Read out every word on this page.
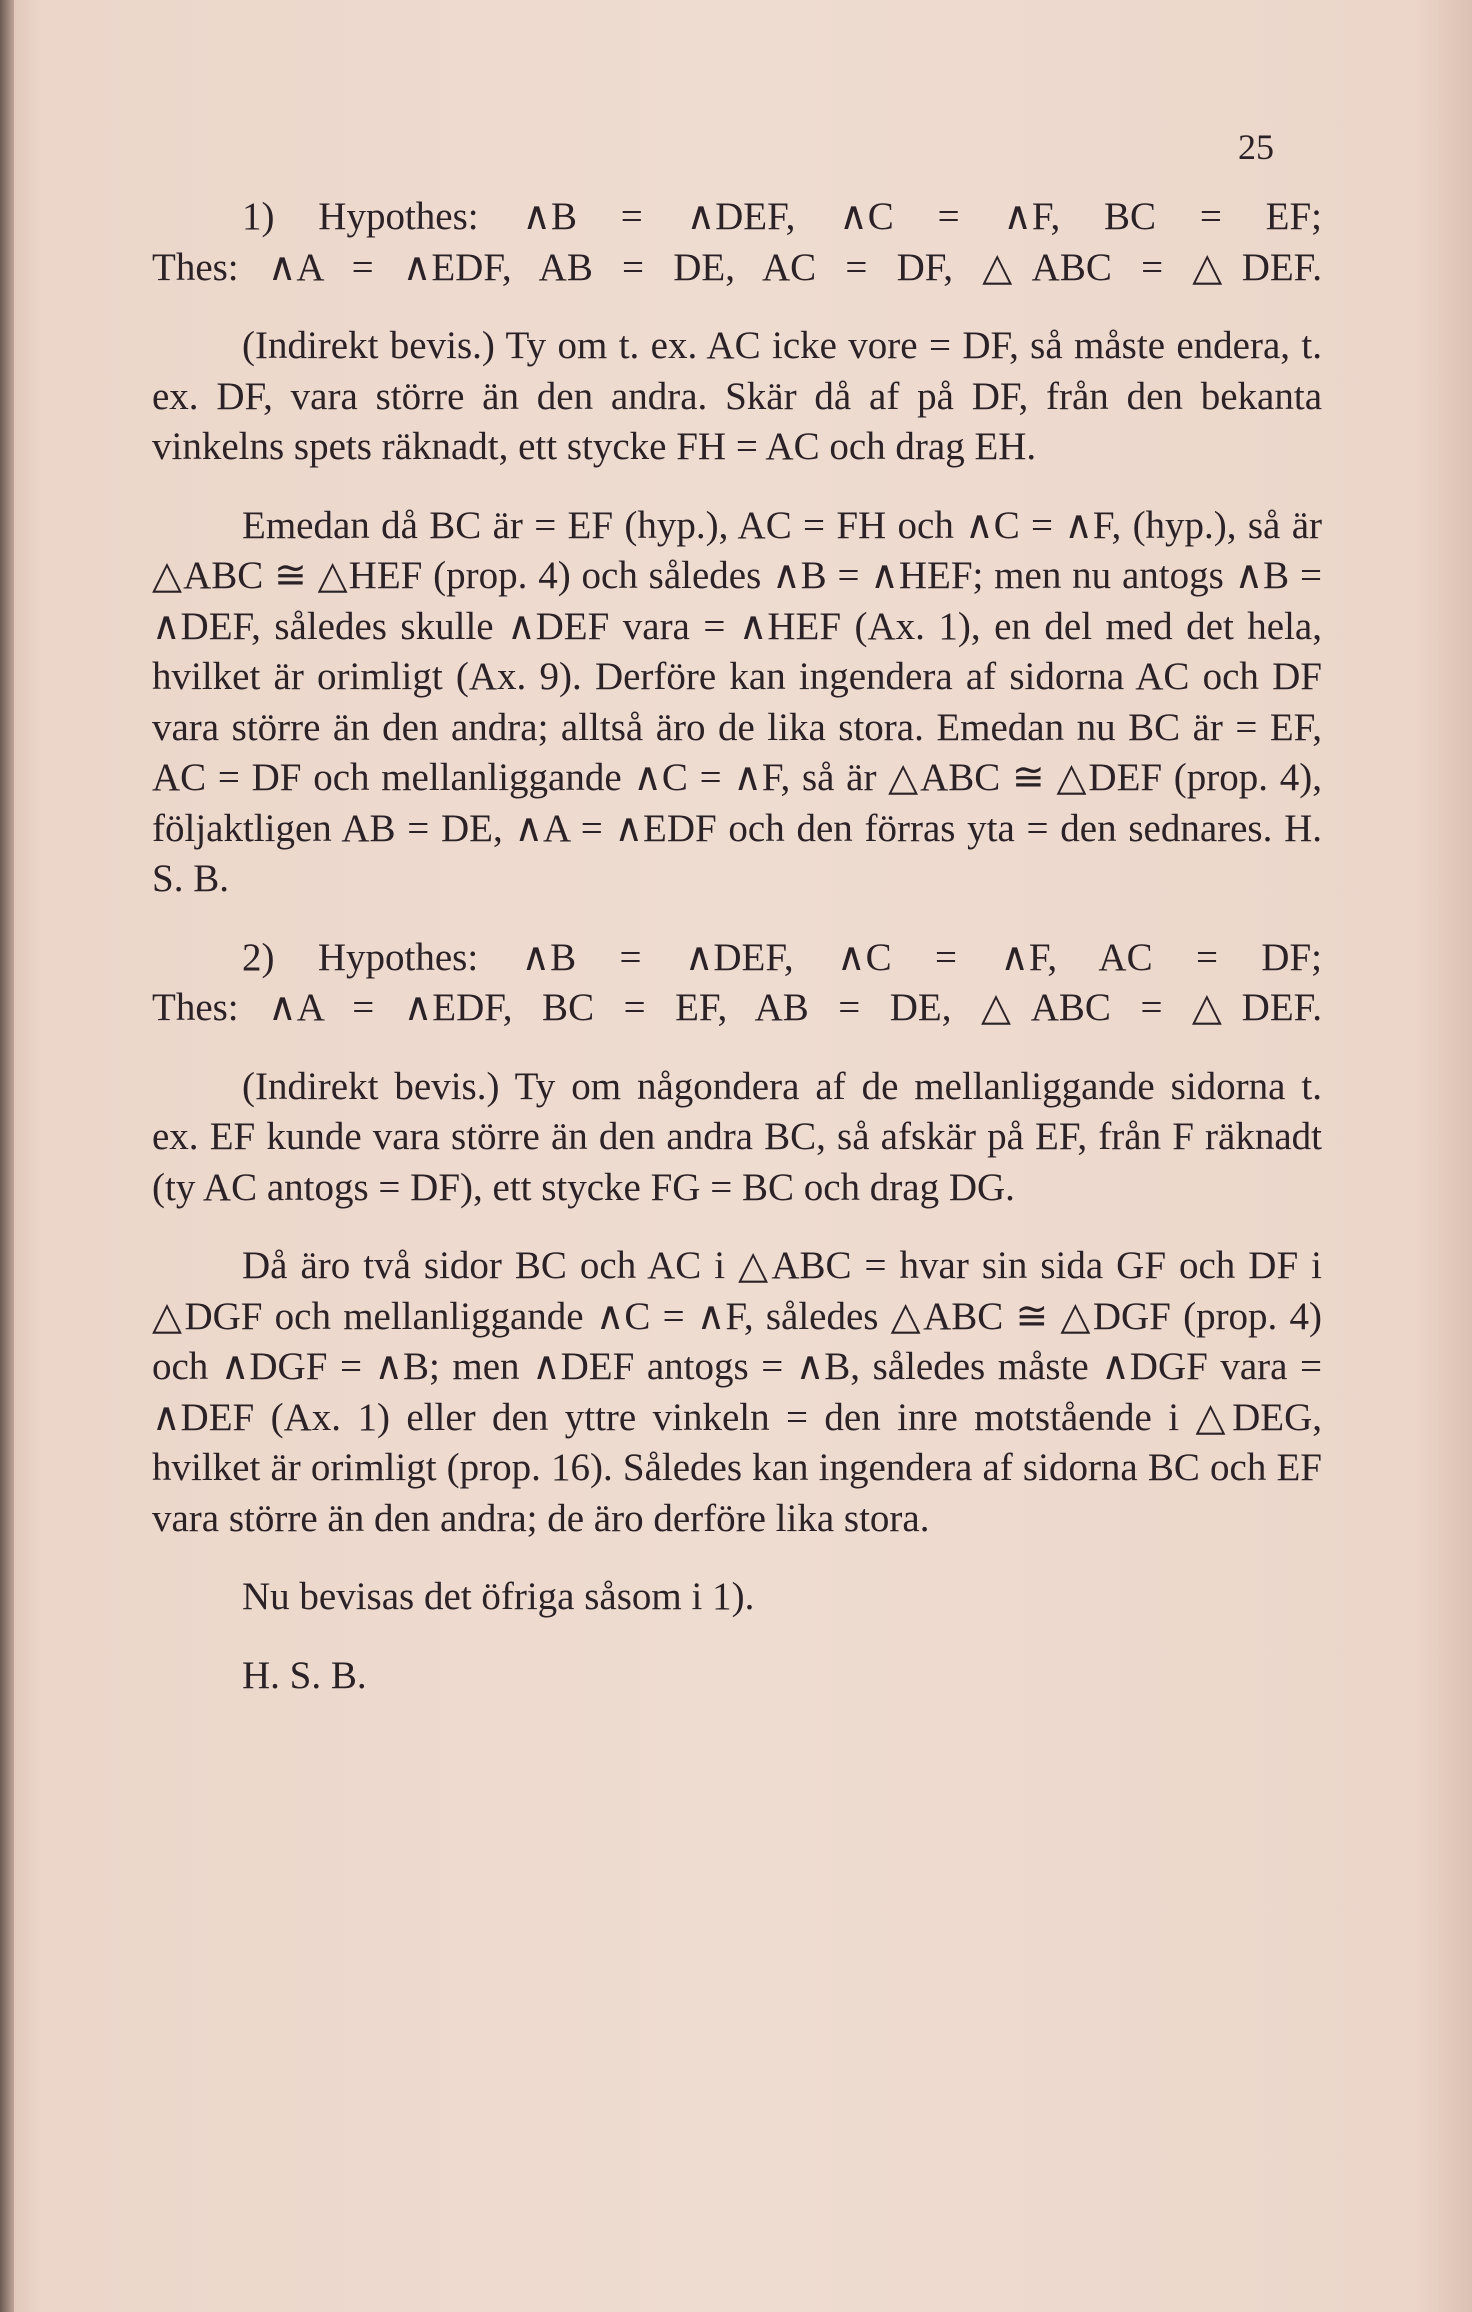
25

1) Hypothes: ∧B = ∧DEF, ∧C = ∧F, BC = EF;

Thes: ∧A = ∧EDF, AB = DE, AC = DF, △ABC = △DEF.

(Indirekt bevis.) Ty om t. ex. AC icke vore = DF, så måste endera, t. ex. DF, vara större än den andra. Skär då af på DF, från den bekanta vinkelns spets räknadt, ett stycke FH = AC och drag EH.

Emedan då BC är = EF (hyp.), AC = FH och ∧C = ∧F, (hyp.), så är △ABC ≅ △HEF (prop. 4) och således ∧B = ∧HEF; men nu antogs ∧B = ∧DEF, således skulle ∧DEF vara = ∧HEF (Ax. 1), en del med det hela, hvilket är orimligt (Ax. 9). Derföre kan ingendera af sidorna AC och DF vara större än den andra; alltså äro de lika stora. Emedan nu BC är = EF, AC = DF och mellanliggande ∧C = ∧F, så är △ABC ≅ △DEF (prop. 4), följaktligen AB = DE, ∧A = ∧EDF och den förras yta = den sednares. H. S. B.

2) Hypothes: ∧B = ∧DEF, ∧C = ∧F, AC = DF;

Thes: ∧A = ∧EDF, BC = EF, AB = DE, △ABC = △DEF.

(Indirekt bevis.) Ty om någondera af de mellanliggande sidorna t. ex. EF kunde vara större än den andra BC, så afskär på EF, från F räknadt (ty AC antogs = DF), ett stycke FG = BC och drag DG.

Då äro två sidor BC och AC i △ABC = hvar sin sida GF och DF i △DGF och mellanliggande ∧C = ∧F, således △ABC ≅ △DGF (prop. 4) och ∧DGF = ∧B; men ∧DEF antogs = ∧B, således måste ∧DGF vara = ∧DEF (Ax. 1) eller den yttre vinkeln = den inre motstående i △DEG, hvilket är orimligt (prop. 16). Således kan ingendera af sidorna BC och EF vara större än den andra; de äro derföre lika stora.

Nu bevisas det öfriga såsom i 1).

H. S. B.
